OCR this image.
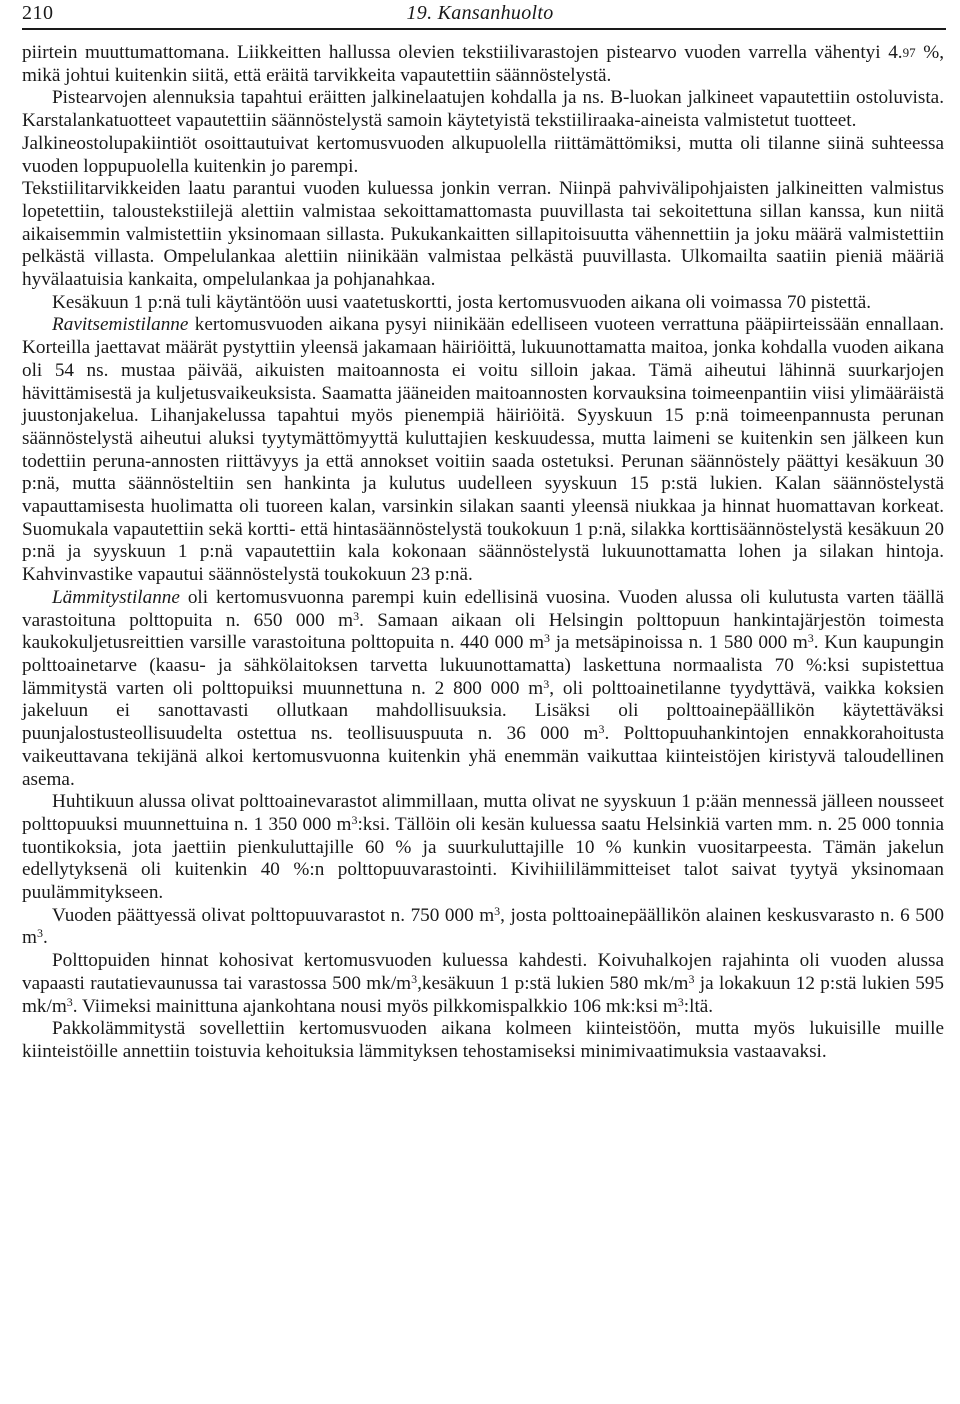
210	19. Kansanhuolto

piirtein muuttumattomana. Liikkeitten hallussa olevien tekstiilivarastojen pistearvo vuoden varrella vähentyi 4.97 %, mikä johtui kuitenkin siitä, että eräitä tarvikkeita vapautettiin säännöstelystä.

Pistearvojen alennuksia tapahtui eräitten jalkinelaatujen kohdalla ja ns. B-luokan jalkineet vapautettiin ostoluvista. Karstalankatuotteet vapautettiin säännöstelystä samoin käytetyistä tekstiiliraaka-aineista valmistetut tuotteet.

Jalkineostolupakiintiöt osoittautuivat kertomusvuoden alkupuolella riittämättömiksi, mutta oli tilanne siinä suhteessa vuoden loppupuolella kuitenkin jo parempi.

Tekstiilitarvikkeiden laatu parantui vuoden kuluessa jonkin verran. Niinpä pahvivälipohjaisten jalkineitten valmistus lopetettiin, taloustekstiilejä alettiin valmistaa sekoittamattomasta puuvillasta tai sekoitettuna sillan kanssa, kun niitä aikaisemmin valmistettiin yksinomaan sillasta. Pukukankaitten sillapitoisuutta vähennettiin ja joku määrä valmistettiin pelkästä villasta. Ompelulankaa alettiin niinikään valmistaa pelkästä puuvillasta. Ulkomailta saatiin pieniä määriä hyvälaatuisia kankaita, ompelulankaa ja pohjanahkaa.

Kesäkuun 1 p:nä tuli käytäntöön uusi vaatetuskortti, josta kertomusvuoden aikana oli voimassa 70 pistettä.

Ravitsemistilanne kertomusvuoden aikana pysyi niinikään edelliseen vuoteen verrattuna pääpiirteissään ennallaan. Korteilla jaettavat määrät pystyttiin yleensä jakamaan häiriöittä, lukuunottamatta maitoa, jonka kohdalla vuoden aikana oli 54 ns. mustaa päivää, aikuisten maitoannosta ei voitu silloin jakaa. Tämä aiheutui lähinnä suurkarjojen hävittämisestä ja kuljetusvaikeuksista. Saamatta jääneiden maitoannosten korvauksina toimeenpantiin viisi ylimääräistä juustonjakelua. Lihanjakelussa tapahtui myös pienempiä häiriöitä. Syyskuun 15 p:nä toimeenpannusta perunan säännöstelystä aiheutui aluksi tyytymättömyyttä kuluttajien keskuudessa, mutta laimeni se kuitenkin sen jälkeen kun todettiin peruna-annosten riittävyys ja että annokset voitiin saada ostetuksi. Perunan säännöstely päättyi kesäkuun 30 p:nä, mutta säännösteltiin sen hankinta ja kulutus uudelleen syyskuun 15 p:stä lukien. Kalan säännöstelystä vapauttamisesta huolimatta oli tuoreen kalan, varsinkin silakan saanti yleensä niukkaa ja hinnat huomattavan korkeat. Suomukala vapautettiin sekä kortti- että hintasäännöstelystä toukokuun 1 p:nä, silakka korttisäännöstelystä kesäkuun 20 p:nä ja syyskuun 1 p:nä vapautettiin kala kokonaan säännöstelystä lukuunottamatta lohen ja silakan hintoja. Kahvinvastike vapautui säännöstelystä toukokuun 23 p:nä.

Lämmitystilanne oli kertomusvuonna parempi kuin edellisinä vuosina. Vuoden alussa oli kulutusta varten täällä varastoituna polttopuita n. 650 000 $m^3$. Samaan aikaan oli Helsingin polttopuun hankintajärjestön toimesta kaukokuljetusreittien varsille varastoituna polttopuita n. 440 000 $m^3$ ja metsäpinoissa n. 1 580 000 $m^3$. Kun kaupungin polttoainetarve (kaasu- ja sähkölaitoksen tarvetta lukuunottamatta) laskettuna normaalista 70 %:ksi supistettua lämmitystä varten oli polttopuiksi muunnettuna n. 2 800 000 $m^3$, oli polttoainetilanne tyydyttävä, vaikka koksien jakeluun ei sanottavasti ollutkaan mahdollisuuksia. Lisäksi oli polttoainepäällikön käytettäväksi puunjalostusteollisuudelta ostettua ns. teollisuuspuuta n. 36 000 $m^3$. Polttopuuhankintojen ennakkorahoitusta vaikeuttavana tekijänä alkoi kertomusvuonna kuitenkin yhä enemmän vaikuttaa kiinteistöjen kiristyvä taloudellinen asema.

Huhtikuun alussa olivat polttoainevarastot alimmillaan, mutta olivat ne syyskuun 1 p:ään mennessä jälleen nousseet polttopuuksi muunnettuina n. 1 350 000 $m^3:ksi$. Tällöin oli kesän kuluessa saatu Helsinkiä varten mm. n. 25 000 tonnia tuontikoksia, jota jaettiin pienkuluttajille 60 % ja suurkuluttajille 10 % kunkin vuositarpeesta. Tämän jakelun edellytyksenä oli kuitenkin 40 %:n polttopuuvarastointi. Kivihiililämmitteiset talot saivat tyytyä yksinomaan puulämmitykseen.

Vuoden päättyessä olivat polttopuuvarastot n. 750 000 $m^3$, josta polttoainepäällikön alainen keskusvarasto n. 6 500 $m^3$.

Polttopuiden hinnat kohosivat kertomusvuoden kuluessa kahdesti. Koivuhalkojen rajahinta oli vuoden alussa vapaasti rautatievaunussa tai varastossa 500 $mk/m^3,kesäkuun$ 1 p:stä lukien 580 $mk/m^3$ ja lokakuun 12 p:stä lukien 595 $mk/m^3$. Viimeksi mainittuna ajankohtana nousi myös pilkkomispalkkio 106 mk:ksi $m^3:ltä$.

Pakkolämmitystä sovellettiin kertomusvuoden aikana kolmeen kiinteistöön, mutta myös lukuisille muille kiinteistöille annettiin toistuvia kehoituksia lämmityksen tehostamiseksi minimivaatimuksia vastaavaksi.
